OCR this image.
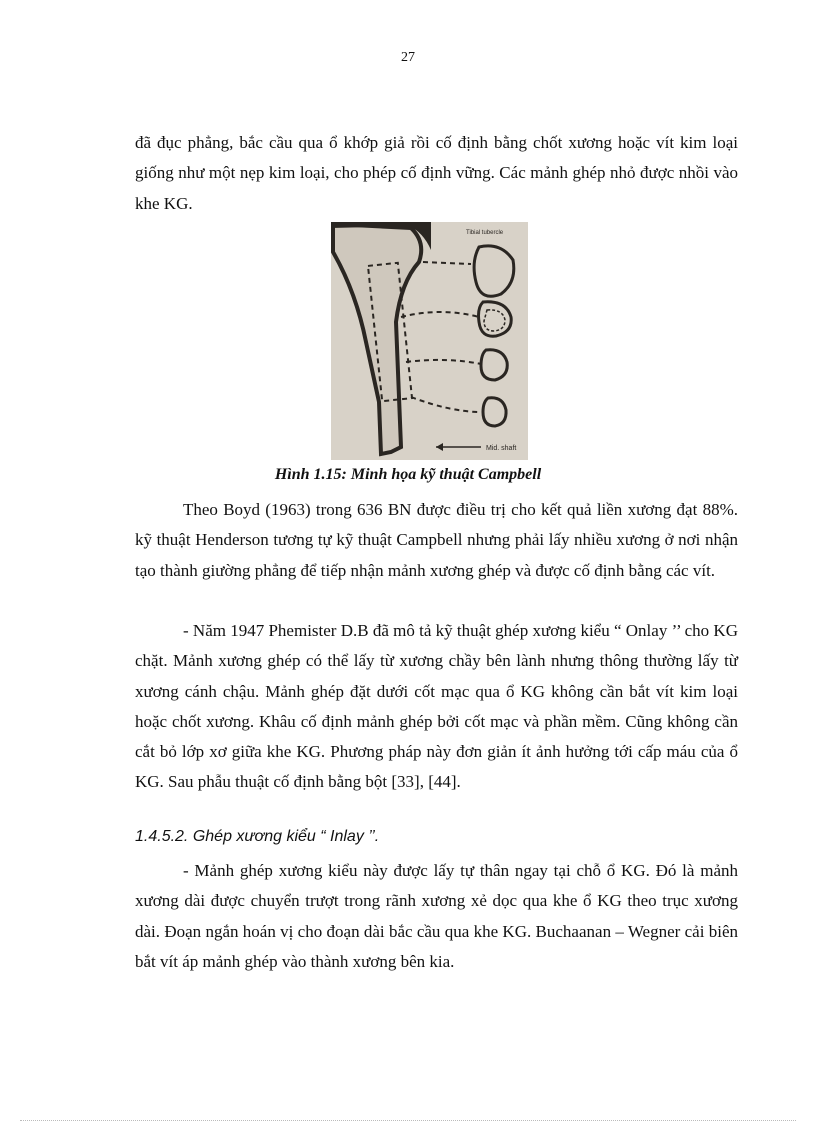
27

đã đục phẳng, bắc cầu qua ổ khớp giả rồi cố định bằng chốt xương hoặc vít kim loại giống như một nẹp kim loại, cho phép cố định vững. Các mảnh ghép nhỏ được nhồi vào khe KG.

Mid. shaft
Tibial tubercle
Hình 1.15: Minh họa kỹ thuật Campbell

Theo Boyd (1963) trong 636 BN được điều trị cho kết quả liền xương đạt 88%. kỹ thuật Henderson tương tự kỹ thuật Campbell nhưng phải lấy nhiều xương ở nơi nhận tạo thành giường phẳng để tiếp nhận mảnh xương ghép và được cố định bằng các vít.

- Năm 1947 Phemister D.B đã mô tả kỹ thuật ghép xương kiểu “ Onlay ’’ cho KG chặt. Mảnh xương ghép có thể lấy từ xương chầy bên lành nhưng thông thường lấy từ xương cánh chậu. Mảnh ghép đặt dưới cốt mạc qua ổ KG không cần bắt vít kim loại hoặc chốt xương. Khâu cố định mảnh ghép bởi cốt mạc và phần mềm. Cũng không cần cắt bỏ lớp xơ giữa khe KG. Phương pháp này đơn giản ít ảnh hưởng tới cấp máu của ổ KG. Sau phẫu thuật cố định bằng bột [33], [44].

1.4.5.2. Ghép xương kiểu “ Inlay ’’.

- Mảnh ghép xương kiểu này được lấy tự thân ngay tại chỗ ổ KG. Đó là mảnh xương dài được chuyển trượt trong rãnh xương xẻ dọc qua khe ổ KG theo trục xương dài. Đoạn ngắn hoán vị cho đoạn dài bắc cầu qua khe KG. Buchaanan – Wegner cải biên bắt vít áp mảnh ghép vào thành xương bên kia.
